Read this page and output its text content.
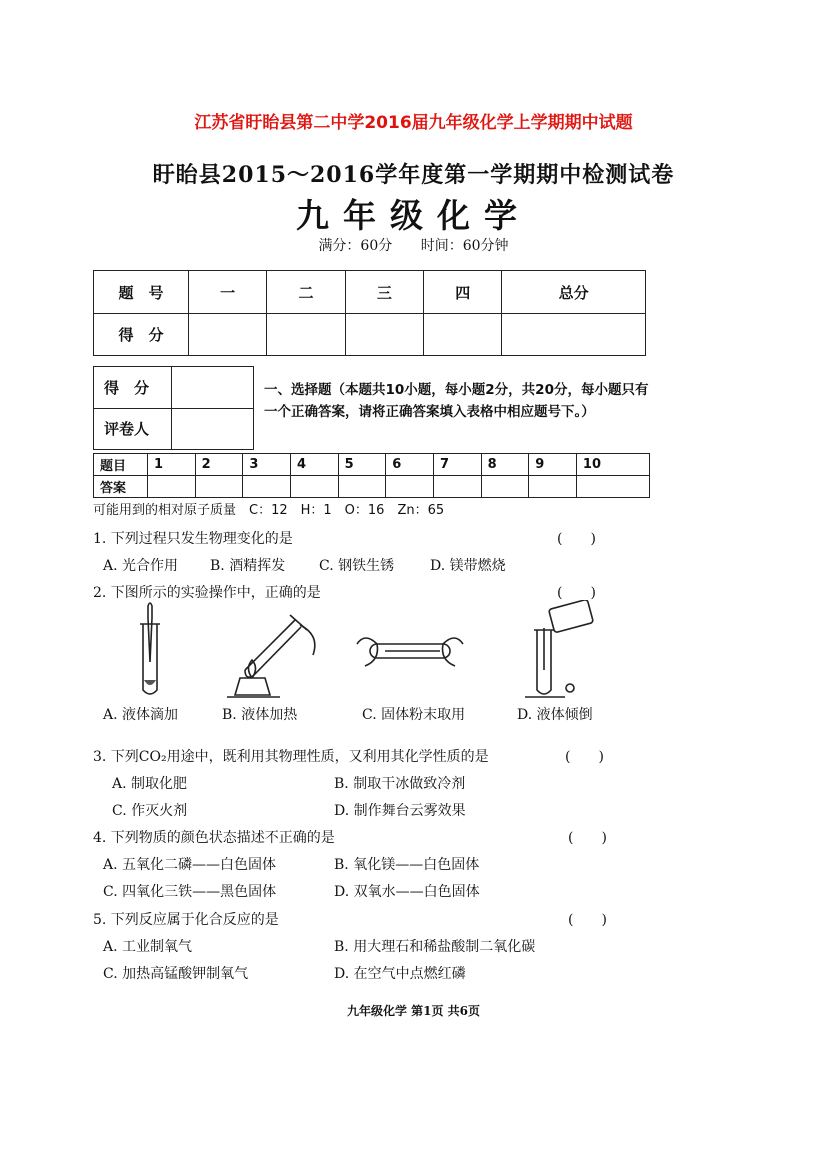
江苏省盱眙县第二中学2016届九年级化学上学期期中试题
盱眙县2015～2016学年度第一学期期中检测试卷
九年级化学
满分：60分 时间：60分钟
题　号	一	二	三	四	总分
得　分					
得　分	
评卷人	
一、选择题（本题共10小题，每小题2分，共20分，每小题只有一个正确答案，请将正确答案填入表格中相应题号下。）
题目	1	2	3	4	5	6	7	8	9	10
答案										
可能用到的相对原子质量　C：12　H：1　O：16　Zn：65
1. 下列过程只发生物理变化的是	(　　)
A. 光合作用 B. 酒精挥发 C. 钢铁生锈	D. 镁带燃烧
2. 下图所示的实验操作中，正确的是	(　　)
A. 液体滴加	B. 液体加热	C. 固体粉末取用	D. 液体倾倒
3. 下列CO₂用途中，既利用其物理性质，又利用其化学性质的是	(　　)
A. 制取化肥	B. 制取干冰做致冷剂
C. 作灭火剂	D. 制作舞台云雾效果
4. 下列物质的颜色状态描述不正确的是	(　　)
A. 五氧化二磷——白色固体	B. 氧化镁——白色固体
C. 四氧化三铁——黑色固体	D. 双氧水——白色固体
5. 下列反应属于化合反应的是	(　　)
A. 工业制氧气	B. 用大理石和稀盐酸制二氧化碳
C. 加热高锰酸钾制氧气	D. 在空气中点燃红磷
九年级化学 第1页 共6页
